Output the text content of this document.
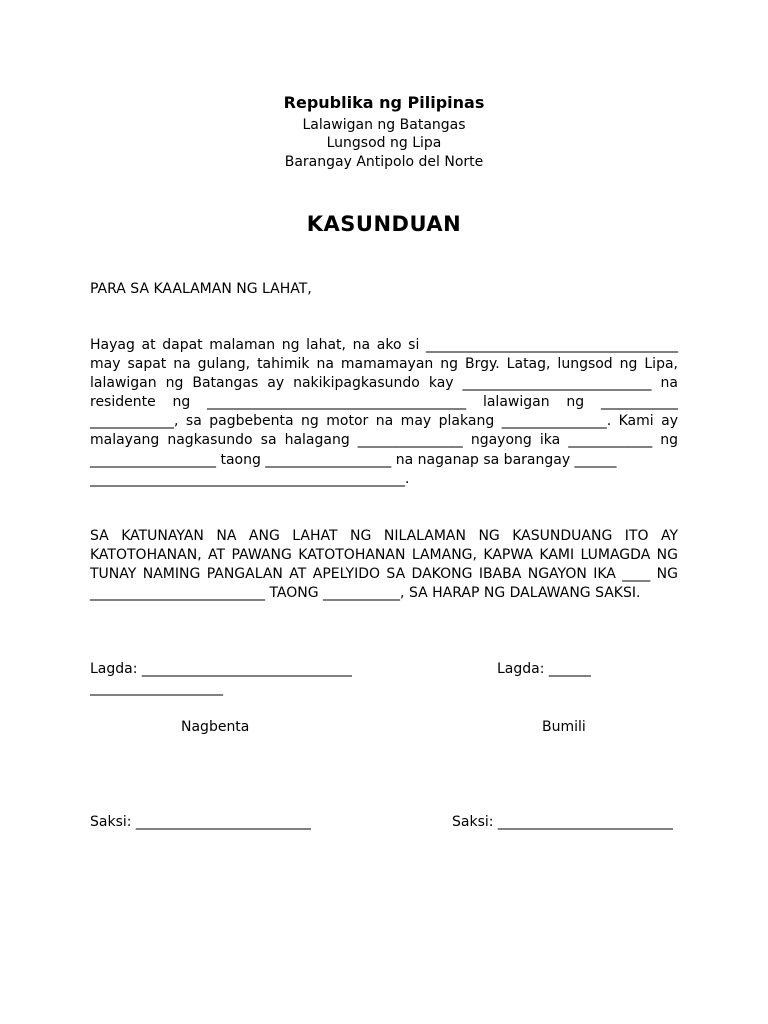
Republika ng Pilipinas
Lalawigan ng Batangas
Lungsod ng Lipa
Barangay Antipolo del Norte
KASUNDUAN
PARA SA KAALAMAN NG LAHAT,
Hayag at dapat malaman ng lahat, na ako si ____________________________________
may sapat na gulang, tahimik na mamamayan ng Brgy. Latag, lungsod ng Lipa,
lalawigan ng Batangas ay nakikipagkasundo kay ___________________________ na
residente ng _____________________________________ lalawigan ng ___________
____________, sa pagbebenta ng motor na may plakang _______________. Kami ay
malayang nagkasundo sa halagang _______________ ngayong ika ____________ ng
__________________ taong __________________ na naganap sa barangay ______
_____________________________________________.
SA KATUNAYAN NA ANG LAHAT NG NILALAMAN NG KASUNDUANG ITO AY
KATOTOHANAN, AT PAWANG KATOTOHANAN LAMANG, KAPWA KAMI LUMAGDA NG
TUNAY NAMING PANGALAN AT APELYIDO SA DAKONG IBABA NGAYON IKA ____ NG
_________________________ TAONG ___________, SA HARAP NG DALAWANG SAKSI.
Lagda: ______________________________	Lagda: ______
___________________
Nagbenta	Bumili
Saksi: _________________________	Saksi: _________________________
